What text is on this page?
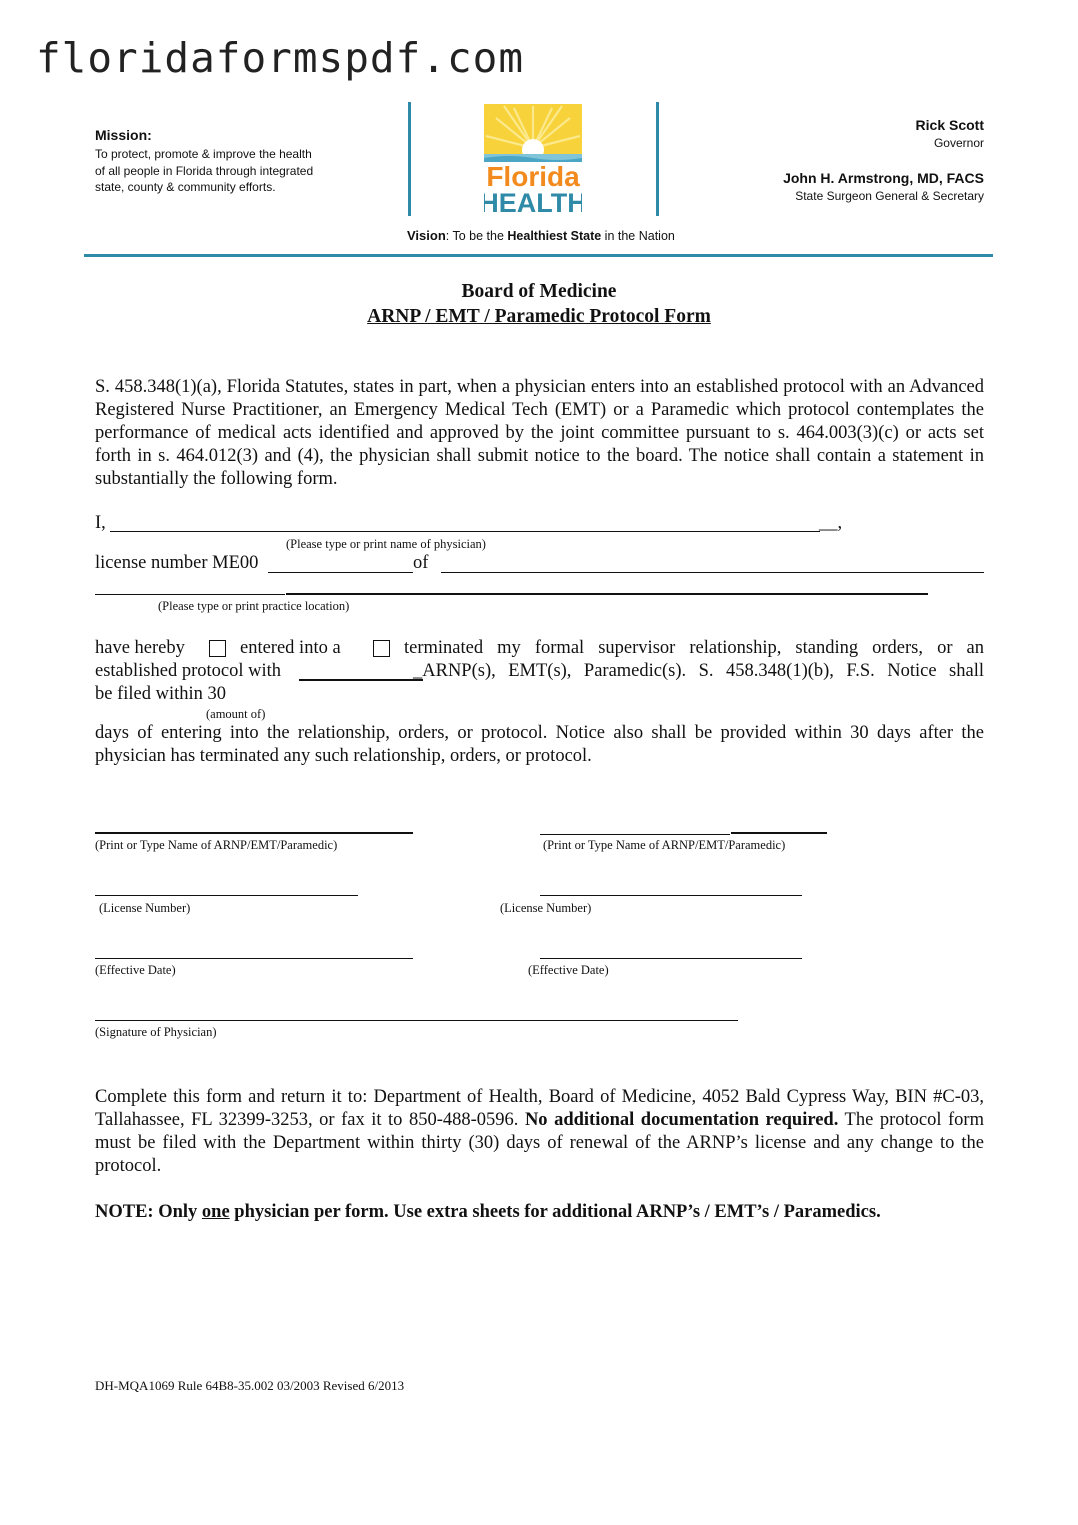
floridaformspdf.com
Mission:
To protect, promote & improve the health of all people in Florida through integrated state, county & community efforts.	Florida
HEALTH
Vision: To be the Healthiest State in the Nation
Rick Scott
Governor
John H. Armstrong, MD, FACS
State Surgeon General & Secretary
Board of Medicine
ARNP / EMT / Paramedic Protocol Form
S. 458.348(1)(a), Florida Statutes, states in part, when a physician enters into an established protocol with an Advanced Registered Nurse Practitioner, an Emergency Medical Tech (EMT) or a Paramedic which protocol contemplates the performance of medical acts identified and approved by the joint committee pursuant to s. 464.003(3)(c) or acts set forth in s. 464.012(3) and (4), the physician shall submit notice to the board. The notice shall contain a statement in substantially the following form.
I,	__,
(Please type or print name of physician)
license number ME00	of
(Please type or print practice location)
have hereby	entered into a	terminated my formal supervisor relationship, standing orders, or an
established protocol with	_ARNP(s), EMT(s), Paramedic(s). S. 458.348(1)(b), F.S. Notice shall
be filed within 30
(amount of)
days of entering into the relationship, orders, or protocol. Notice also shall be provided within 30 days after the physician has terminated any such relationship, orders, or protocol.
(Print or Type Name of ARNP/EMT/Paramedic)	(Print or Type Name of ARNP/EMT/Paramedic)
(License Number)	(License Number)
(Effective Date)	(Effective Date)
(Signature of Physician)
Complete this form and return it to: Department of Health, Board of Medicine, 4052 Bald Cypress Way, BIN #C-03, Tallahassee, FL 32399-3253, or fax it to 850-488-0596. No additional documentation required. The protocol form must be filed with the Department within thirty (30) days of renewal of the ARNP’s license and any change to the protocol.
NOTE: Only one physician per form. Use extra sheets for additional ARNP’s / EMT’s / Paramedics.
DH-MQA1069 Rule 64B8-35.002 03/2003 Revised 6/2013
